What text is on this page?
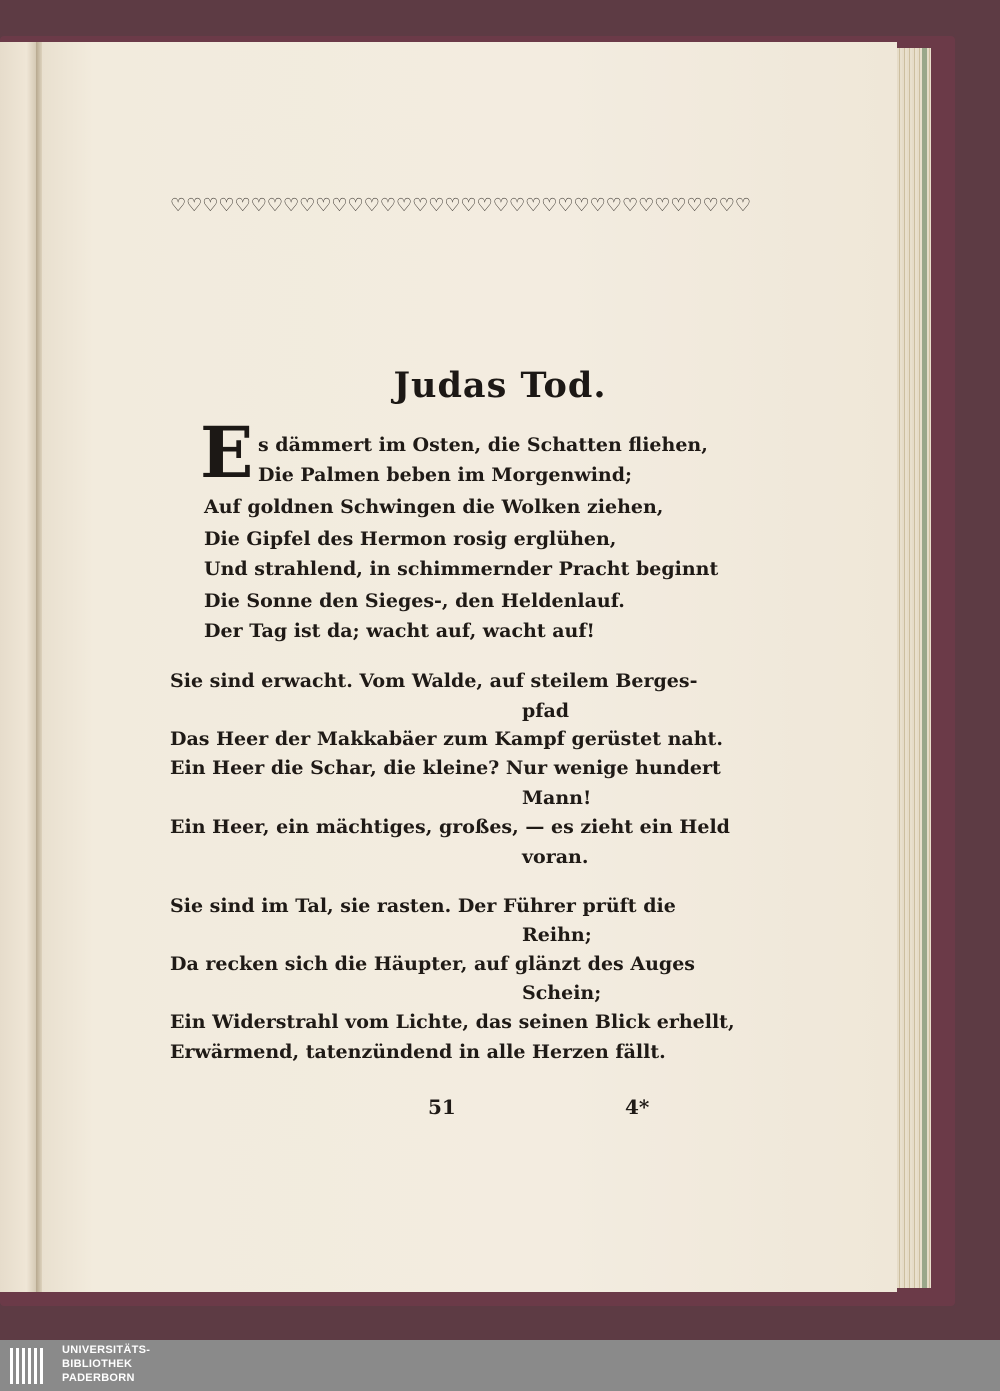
♡ ♡ ♡ ♡ ♡ ♡ ♡ ♡ ♡ ♡ ♡ ♡ ♡ ♡ ♡ ♡ ♡ ♡ ♡ ♡ ♡ ♡ ♡ ♡ ♡ ♡ ♡ ♡ ♡ ♡ ♡ ♡ ♡ ♡ ♡ ♡
Judas Tod.
E s dämmert im Osten, die Schatten fliehen,
Die Palmen beben im Morgenwind;
Auf goldnen Schwingen die Wolken ziehen,
Die Gipfel des Hermon rosig erglühen,
Und strahlend, in schimmernder Pracht beginnt
Die Sonne den Sieges-, den Heldenlauf.
Der Tag ist da; wacht auf, wacht auf!
Sie sind erwacht. Vom Walde, auf steilem Berges-
pfad
Das Heer der Makkabäer zum Kampf gerüstet naht.
Ein Heer die Schar, die kleine? Nur wenige hundert
Mann!
Ein Heer, ein mächtiges, großes, — es zieht ein Held
voran.
Sie sind im Tal, sie rasten. Der Führer prüft die
Reihn;
Da recken sich die Häupter, auf glänzt des Auges
Schein;
Ein Widerstrahl vom Lichte, das seinen Blick erhellt,
Erwärmend, tatenzündend in alle Herzen fällt.
51	4*
UNIVERSITÄTS-
BIBLIOTHEK
PADERBORN
